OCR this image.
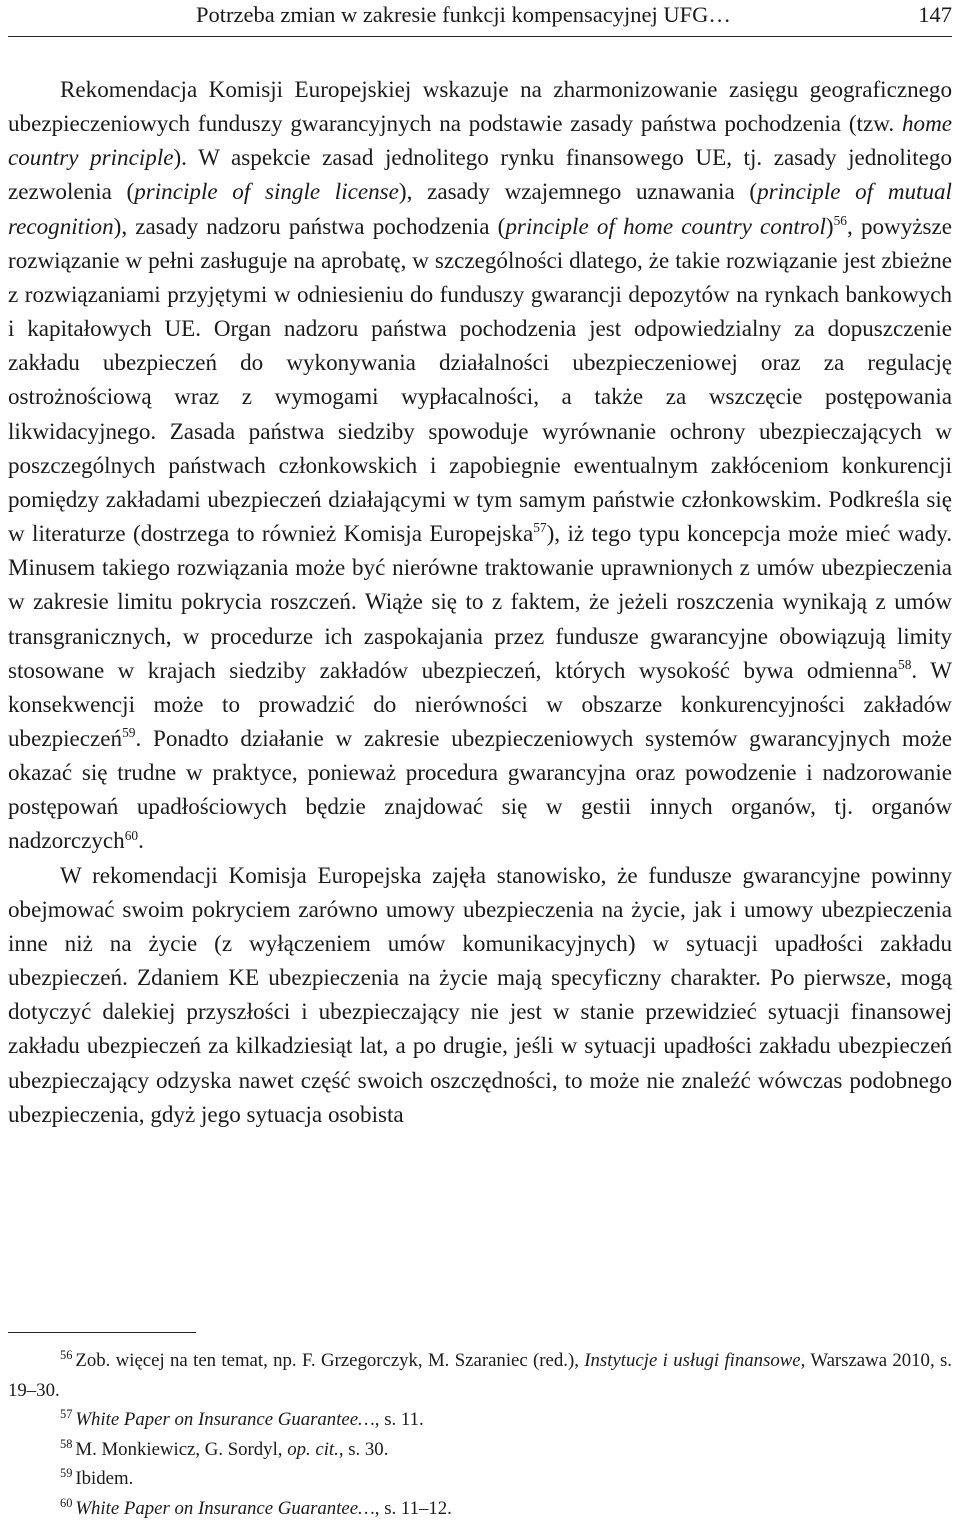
Potrzeba zmian w zakresie funkcji kompensacyjnej UFG…	147

Rekomendacja Komisji Europejskiej wskazuje na zharmonizowanie zasięgu geograficznego ubezpieczeniowych funduszy gwarancyjnych na podstawie zasady państwa pochodzenia (tzw. home country principle). W aspekcie zasad jednolitego rynku finansowego UE, tj. zasady jednolitego zezwolenia (principle of single license), zasady wzajemnego uznawania (principle of mutual recognition), zasady nadzoru państwa pochodzenia (principle of home country control)$^{56}$, powyższe rozwiązanie w pełni zasługuje na aprobatę, w szczególności dlatego, że takie rozwiązanie jest zbieżne z rozwiązaniami przyjętymi w odniesieniu do funduszy gwarancji depozytów na rynkach bankowych i kapitałowych UE. Organ nadzoru państwa pochodzenia jest odpowiedzialny za dopuszczenie zakładu ubezpieczeń do wykonywania działalności ubezpieczeniowej oraz za regulację ostrożnościową wraz z wymogami wypłacalności, a także za wszczęcie postępowania likwidacyjnego. Zasada państwa siedziby spowoduje wyrównanie ochrony ubezpieczających w poszczególnych państwach członkowskich i zapobiegnie ewentualnym zakłóceniom konkurencji pomiędzy zakładami ubezpieczeń działającymi w tym samym państwie członkowskim. Podkreśla się w literaturze (dostrzega to również Komisja Europejska$^{57}$), iż tego typu koncepcja może mieć wady. Minusem takiego rozwiązania może być nierówne traktowanie uprawnionych z umów ubezpieczenia w zakresie limitu pokrycia roszczeń. Wiąże się to z faktem, że jeżeli roszczenia wynikają z umów transgranicznych, w procedurze ich zaspokajania przez fundusze gwarancyjne obowiązują limity stosowane w krajach siedziby zakładów ubezpieczeń, których wysokość bywa odmienna$^{58}$. W konsekwencji może to prowadzić do nierówności w obszarze konkurencyjności zakładów ubezpieczeń$^{59}$. Ponadto działanie w zakresie ubezpieczeniowych systemów gwarancyjnych może okazać się trudne w praktyce, ponieważ procedura gwarancyjna oraz powodzenie i nadzorowanie postępowań upadłościowych będzie znajdować się w gestii innych organów, tj. organów nadzorczych$^{60}$.

W rekomendacji Komisja Europejska zajęła stanowisko, że fundusze gwarancyjne powinny obejmować swoim pokryciem zarówno umowy ubezpieczenia na życie, jak i umowy ubezpieczenia inne niż na życie (z wyłączeniem umów komunikacyjnych) w sytuacji upadłości zakładu ubezpieczeń. Zdaniem KE ubezpieczenia na życie mają specyficzny charakter. Po pierwsze, mogą dotyczyć dalekiej przyszłości i ubezpieczający nie jest w stanie przewidzieć sytuacji finansowej zakładu ubezpieczeń za kilkadziesiąt lat, a po drugie, jeśli w sytuacji upadłości zakładu ubezpieczeń ubezpieczający odzyska nawet część swoich oszczędności, to może nie znaleźć wówczas podobnego ubezpieczenia, gdyż jego sytuacja osobista

$^{56}$ Zob. więcej na ten temat, np. F. Grzegorczyk, M. Szaraniec (red.), Instytucje i usługi finansowe, Warszawa 2010, s. 19–30.

$^{57}$ White Paper on Insurance Guarantee…, s. 11.

$^{58}$ M. Monkiewicz, G. Sordyl, op. cit., s. 30.

$^{59}$ Ibidem.

$^{60}$ White Paper on Insurance Guarantee…, s. 11–12.
